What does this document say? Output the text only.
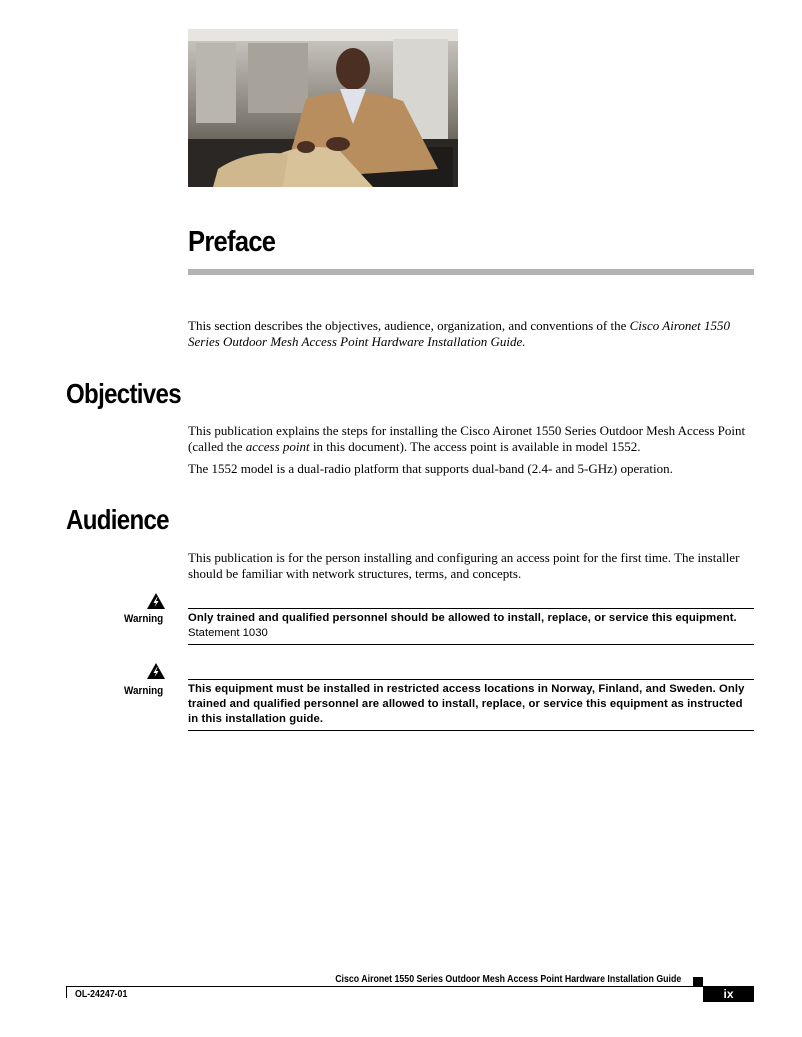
Preface

This section describes the objectives, audience, organization, and conventions of the Cisco Aironet 1550 Series Outdoor Mesh Access Point Hardware Installation Guide.

Objectives

This publication explains the steps for installing the Cisco Aironet 1550 Series Outdoor Mesh Access Point (called the access point in this document). The access point is available in model 1552.

The 1552 model is a dual-radio platform that supports dual-band (2.4- and 5-GHz) operation.

Audience

This publication is for the person installing and configuring an access point for the first time. The installer should be familiar with network structures, terms, and concepts.

Warning Only trained and qualified personnel should be allowed to install, replace, or service this equipment.
Statement 1030
Warning This equipment must be installed in restricted access locations in Norway, Finland, and Sweden. Only trained and qualified personnel are allowed to install, replace, or service this equipment as instructed in this installation guide.
Cisco Aironet 1550 Series Outdoor Mesh Access Point Hardware Installation Guide
OL-24247-01	ix
